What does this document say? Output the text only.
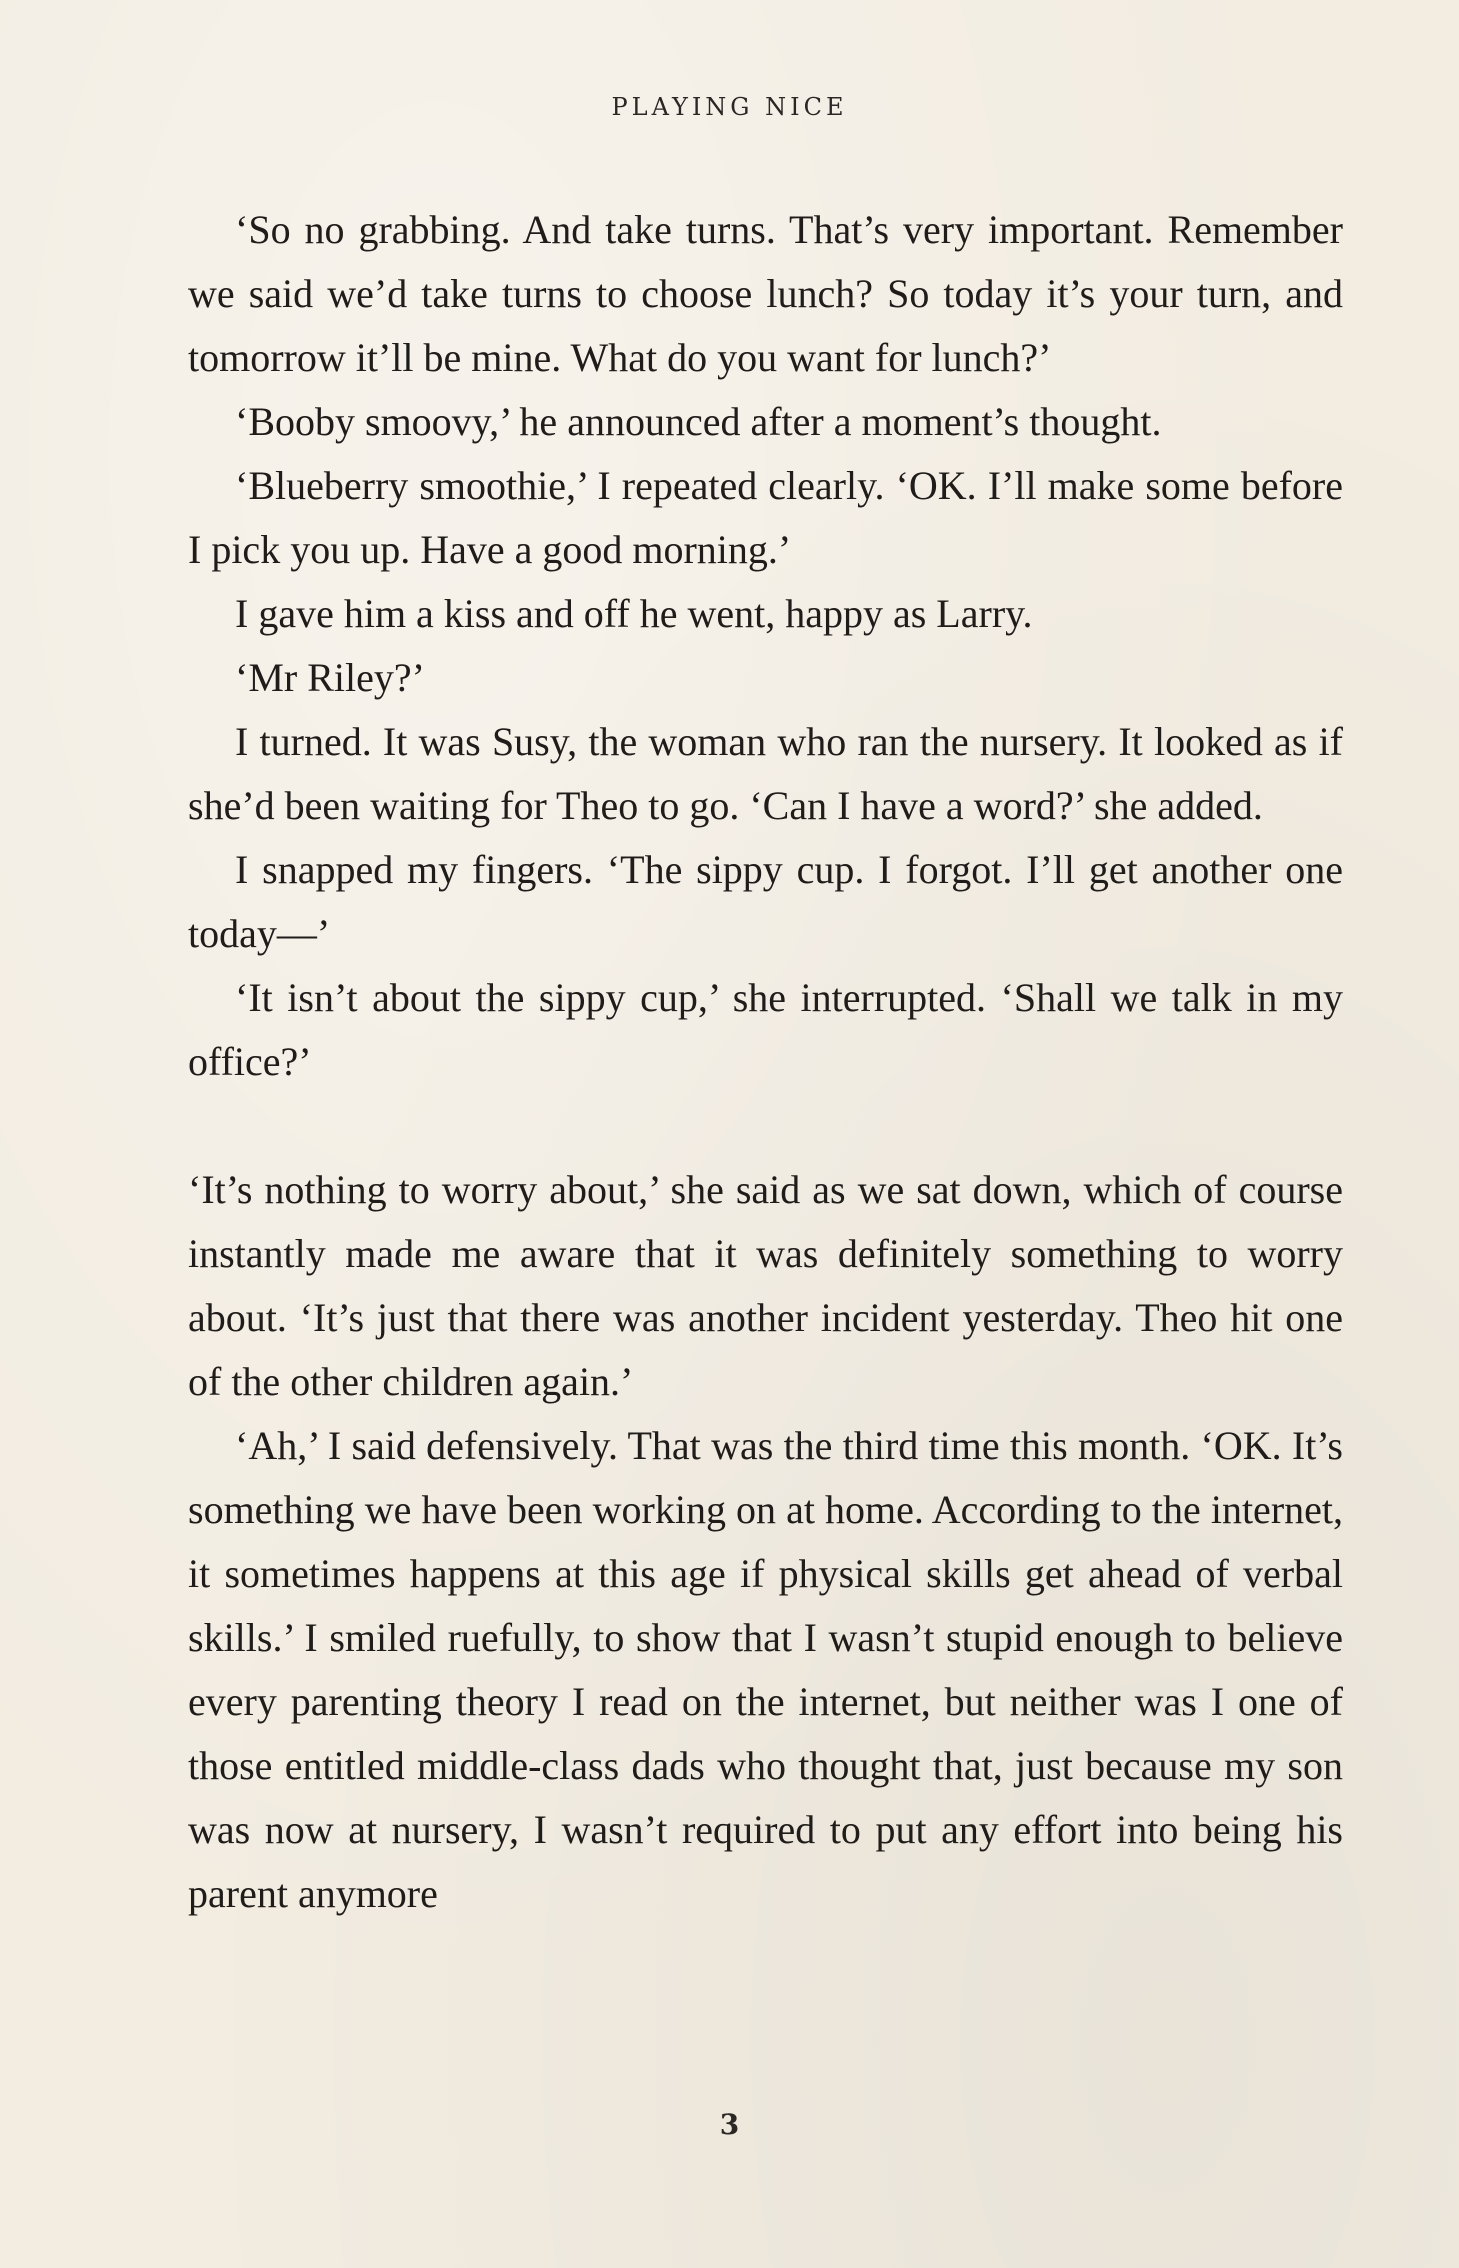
PLAYING NICE

‘So no grabbing. And take turns. That’s very important. Remember we said we’d take turns to choose lunch? So today it’s your turn, and tomorrow it’ll be mine. What do you want for lunch?’

‘Booby smoovy,’ he announced after a moment’s thought.

‘Blueberry smoothie,’ I repeated clearly. ‘OK. I’ll make some before I pick you up. Have a good morning.’

I gave him a kiss and off he went, happy as Larry.

‘Mr Riley?’

I turned. It was Susy, the woman who ran the nursery. It looked as if she’d been waiting for Theo to go. ‘Can I have a word?’ she added.

I snapped my fingers. ‘The sippy cup. I forgot. I’ll get another one today—’

‘It isn’t about the sippy cup,’ she interrupted. ‘Shall we talk in my office?’

‘It’s nothing to worry about,’ she said as we sat down, which of course instantly made me aware that it was definitely something to worry about. ‘It’s just that there was another incident yesterday. Theo hit one of the other children again.’

‘Ah,’ I said defensively. That was the third time this month. ‘OK. It’s something we have been working on at home. According to the internet, it sometimes happens at this age if physical skills get ahead of verbal skills.’ I smiled ruefully, to show that I wasn’t stupid enough to believe every parenting theory I read on the internet, but neither was I one of those entitled middle-class dads who thought that, just because my son was now at nursery, I wasn’t required to put any effort into being his parent anymore

3
